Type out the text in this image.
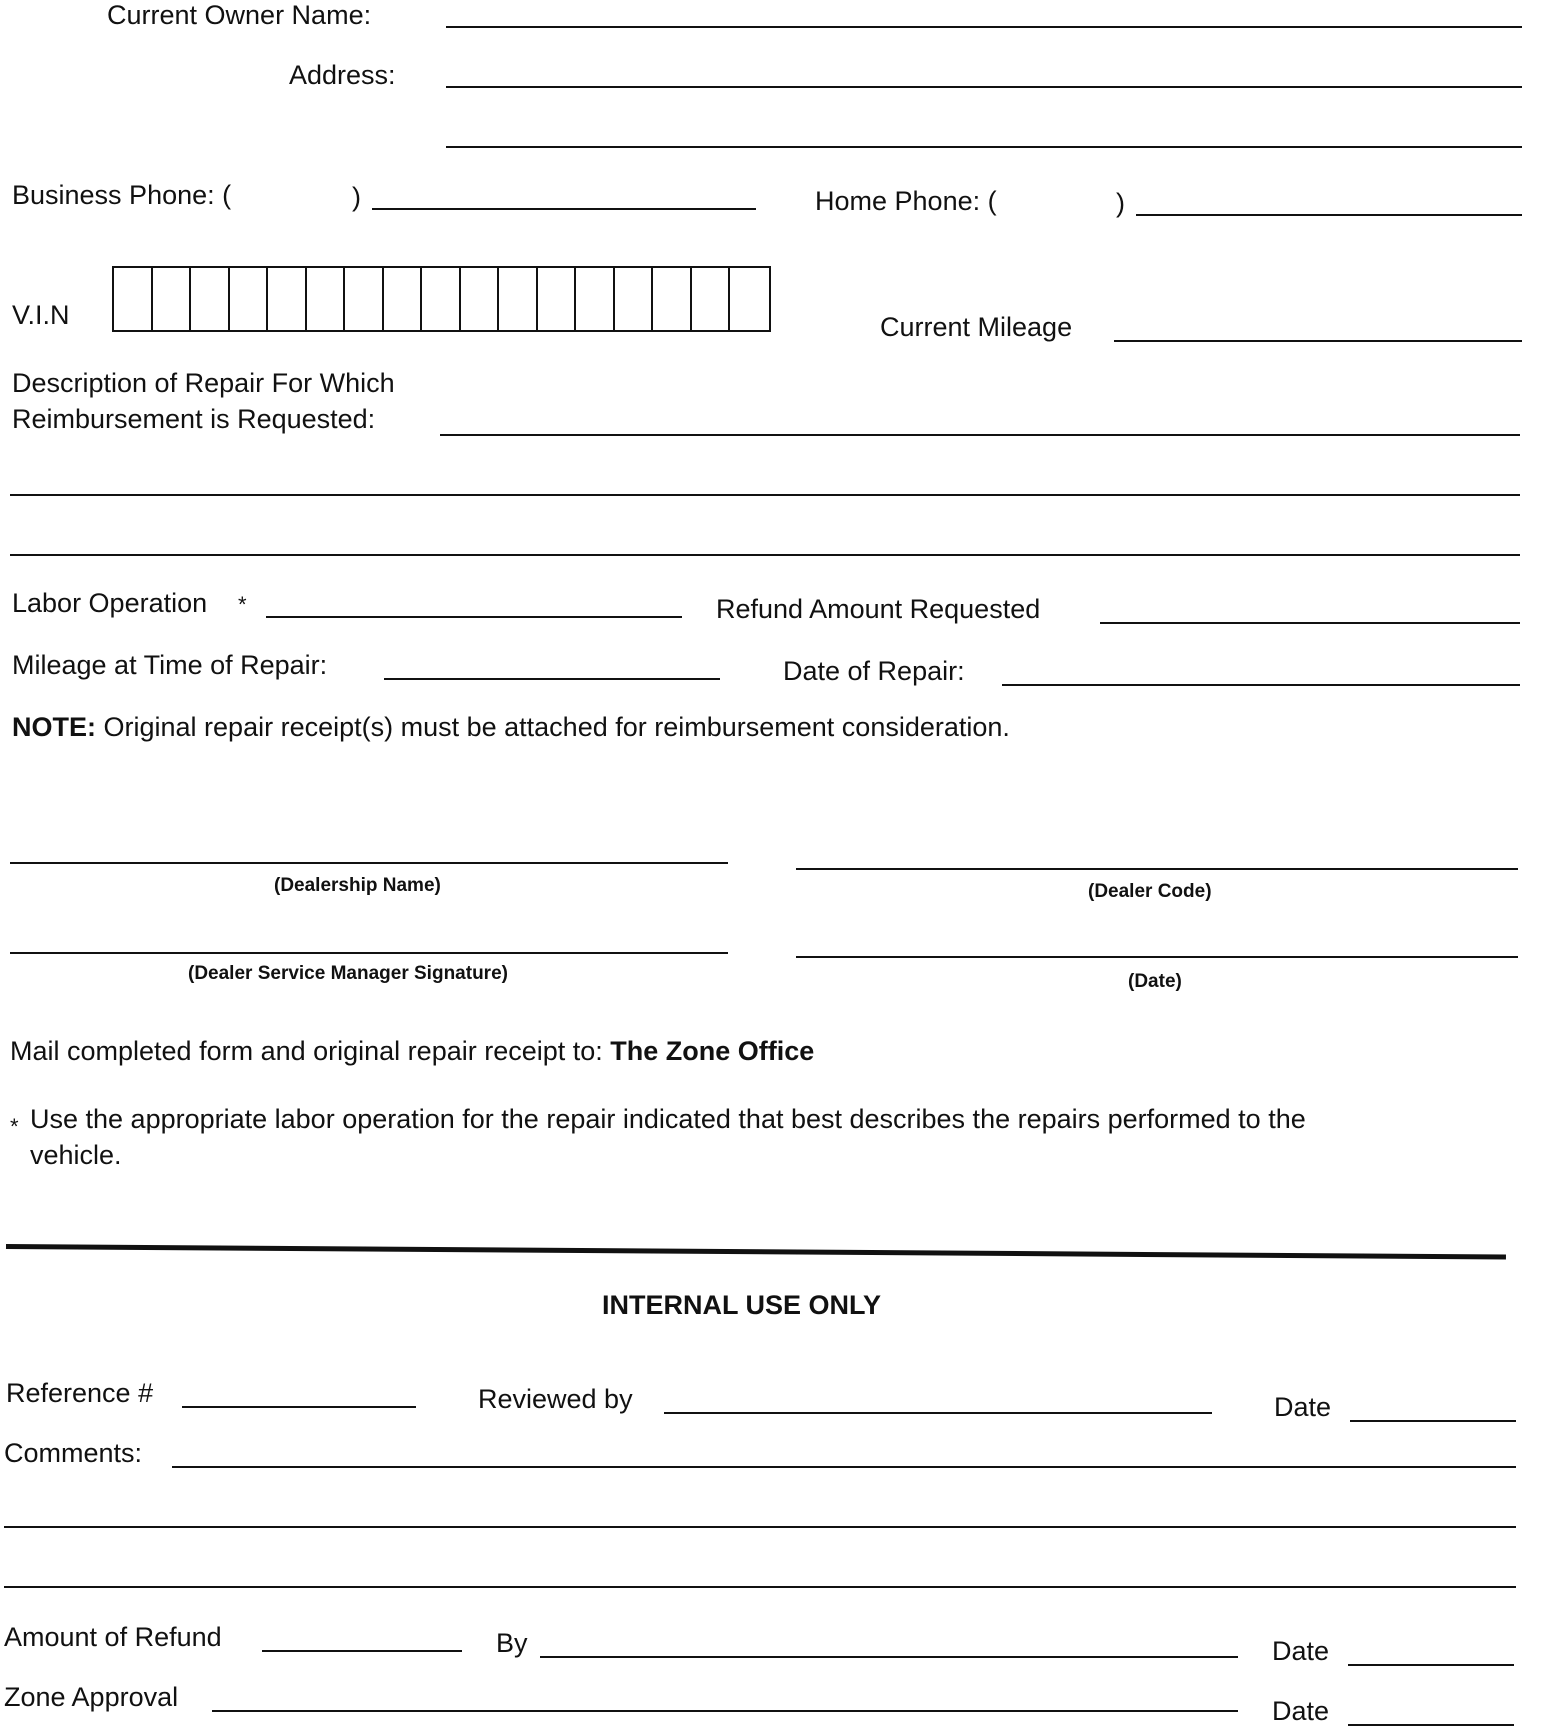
Current Owner Name:
Address:
Business Phone: (	)	Home Phone: (	)
V.I.N	Current Mileage
Description of Repair For Which
Reimbursement is Requested:
Labor Operation *	Refund Amount Requested
Mileage at Time of Repair:	Date of Repair:
NOTE: Original repair receipt(s) must be attached for reimbursement consideration.
(Dealership Name)	(Dealer Code)
(Dealer Service Manager Signature)	(Date)
Mail completed form and original repair receipt to: The Zone Office
* Use the appropriate labor operation for the repair indicated that best describes the repairs performed to the
vehicle.
INTERNAL USE ONLY
Reference #	Reviewed by	Date
Comments:
Amount of Refund	By	Date
Zone Approval	Date
